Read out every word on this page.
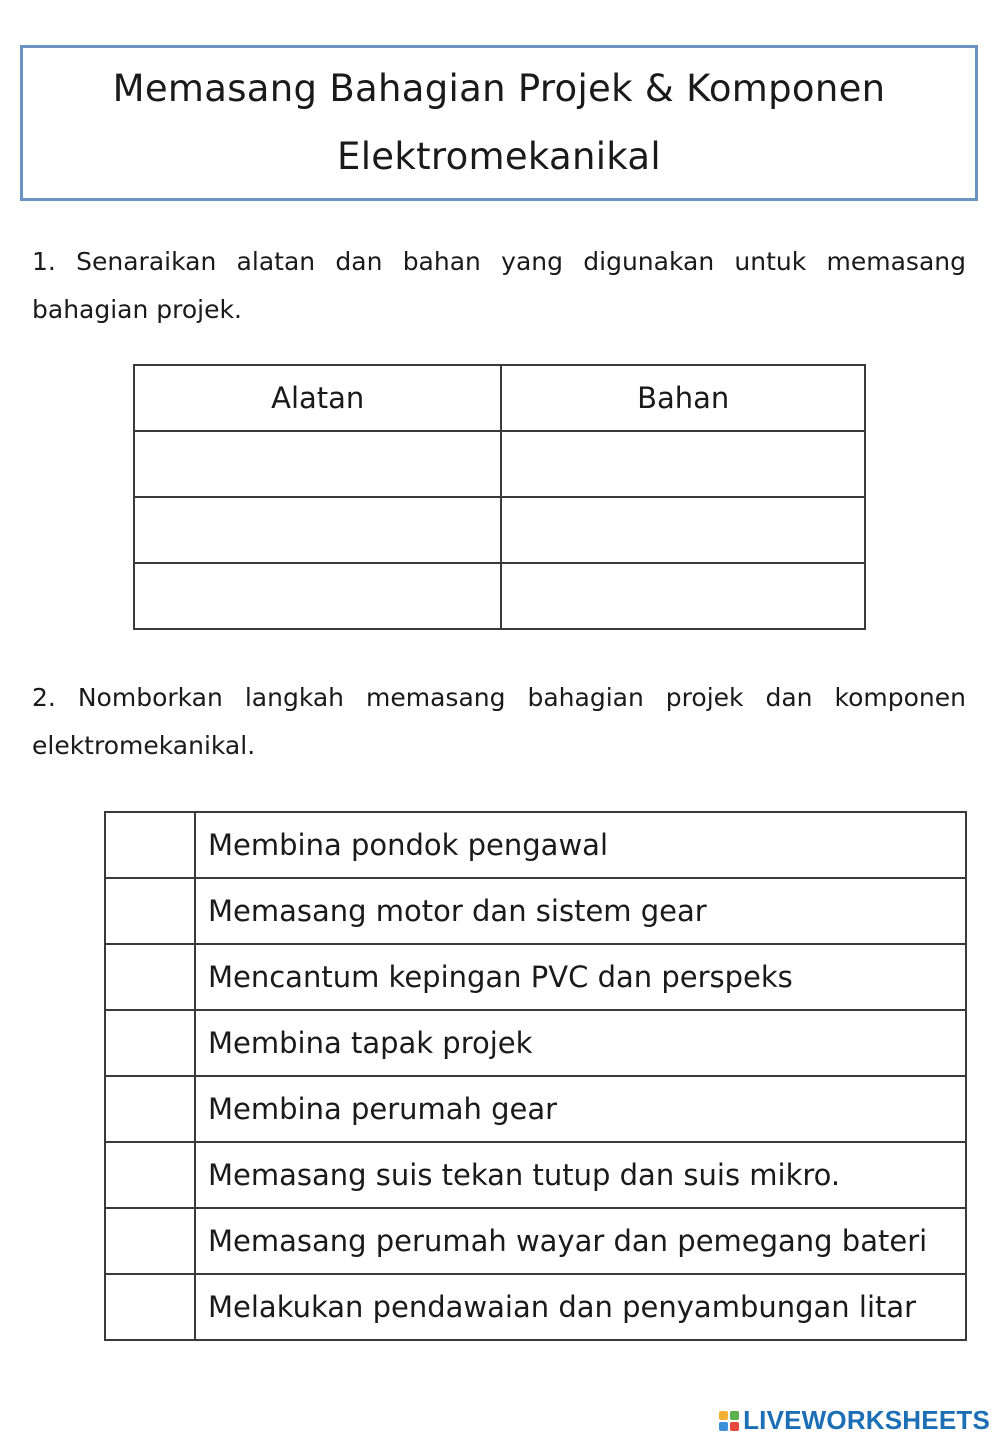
Memasang Bahagian Projek & Komponen
Elektromekanikal
1. Senaraikan alatan dan bahan yang digunakan untuk memasang bahagian projek.
Alatan	Bahan

2. Nomborkan langkah memasang bahagian projek dan komponen elektromekanikal.
	Membina pondok pengawal
	Memasang motor dan sistem gear
	Mencantum kepingan PVC dan perspeks
	Membina tapak projek
	Membina perumah gear
	Memasang suis tekan tutup dan suis mikro.
	Memasang perumah wayar dan pemegang bateri
	Melakukan pendawaian dan penyambungan litar
LIVEWORKSHEETS
